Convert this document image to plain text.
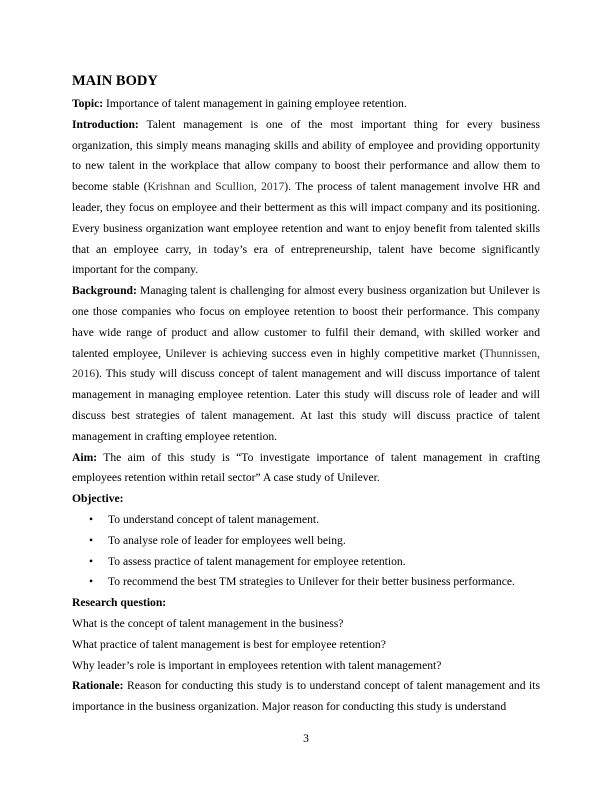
MAIN BODY

Topic: Importance of talent management in gaining employee retention.

Introduction: Talent management is one of the most important thing for every business organization, this simply means managing skills and ability of employee and providing opportunity to new talent in the workplace that allow company to boost their performance and allow them to become stable (Krishnan and Scullion, 2017). The process of talent management involve HR and leader, they focus on employee and their betterment as this will impact company and its positioning. Every business organization want employee retention and want to enjoy benefit from talented skills that an employee carry, in today’s era of entrepreneurship, talent have become significantly important for the company.

Background: Managing talent is challenging for almost every business organization but Unilever is one those companies who focus on employee retention to boost their performance. This company have wide range of product and allow customer to fulfil their demand, with skilled worker and talented employee, Unilever is achieving success even in highly competitive market (Thunnissen, 2016). This study will discuss concept of talent management and will discuss importance of talent management in managing employee retention. Later this study will discuss role of leader and will discuss best strategies of talent management. At last this study will discuss practice of talent management in crafting employee retention.

Aim: The aim of this study is “To investigate importance of talent management in crafting employees retention within retail sector” A case study of Unilever.

Objective:

• To understand concept of talent management.
• To analyse role of leader for employees well being.
• To assess practice of talent management for employee retention.
• To recommend the best TM strategies to Unilever for their better business performance.

Research question:

What is the concept of talent management in the business?

What practice of talent management is best for employee retention?

Why leader’s role is important in employees retention with talent management?

Rationale: Reason for conducting this study is to understand concept of talent management and its importance in the business organization. Major reason for conducting this study is understand

3
